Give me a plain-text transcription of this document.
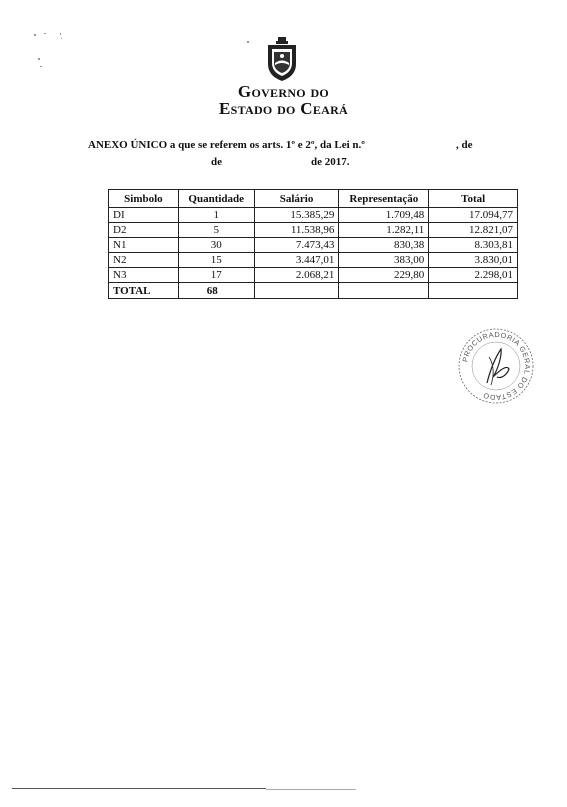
Governo do
Estado do Ceará
ANEXO ÚNICO a que se referem os arts. 1º e 2º, da Lei n.º	, de
de	de 2017.
Simbolo	Quantidade	Salário	Representação	Total
DI	1	15.385,29	1.709,48	17.094,77
D2	5	11.538,96	1.282,11	12.821,07
N1	30	7.473,43	830,38	8.303,81
N2	15	3.447,01	383,00	3.830,01
N3	17	2.068,21	229,80	2.298,01
TOTAL	68			
PROCURADORIA GERAL DO ESTADO
